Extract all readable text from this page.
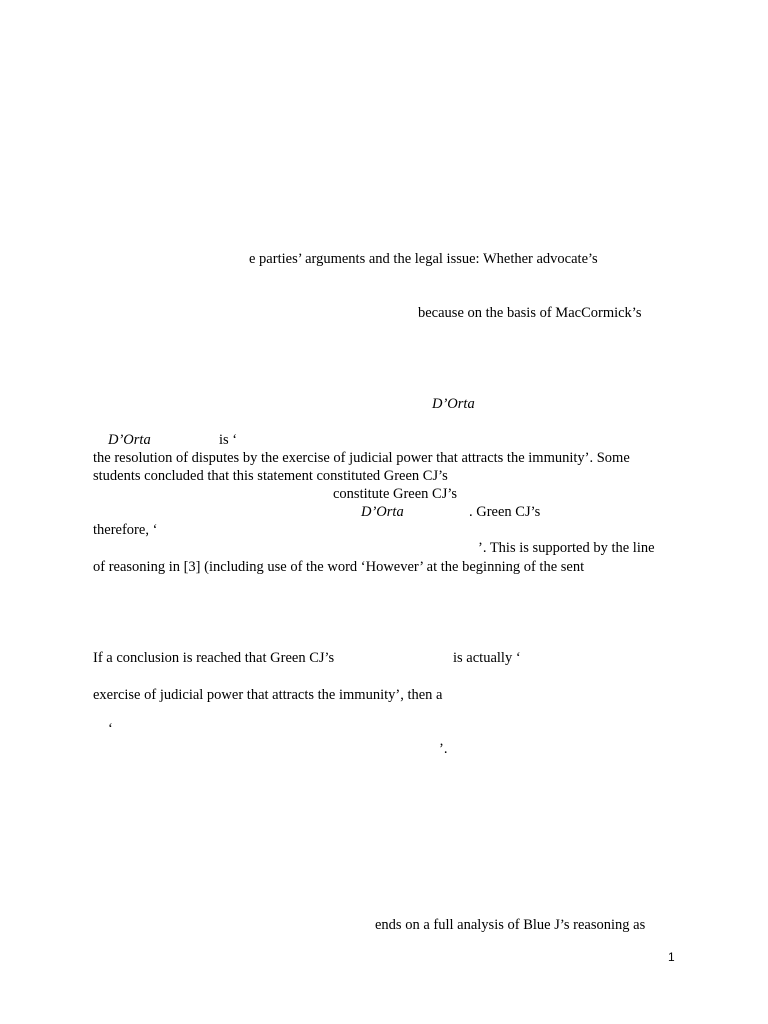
e parties’ arguments and the legal issue: Whether advocate’s
because on the basis of MacCormick’s
D’Orta
D’Orta	is ‘
the resolution of disputes by the exercise of judicial power that attracts the immunity’. Some
students concluded that this statement constituted Green CJ’s
constitute Green CJ’s
D’Orta	. Green CJ’s
therefore, ‘
’. This is supported by the line
of reasoning in [3] (including use of the word ‘However’ at the beginning of the sent
If a conclusion is reached that Green CJ’s	is actually ‘
exercise of judicial power that attracts the immunity’, then a
‘
’.
ends on a full analysis of Blue J’s reasoning as
1
